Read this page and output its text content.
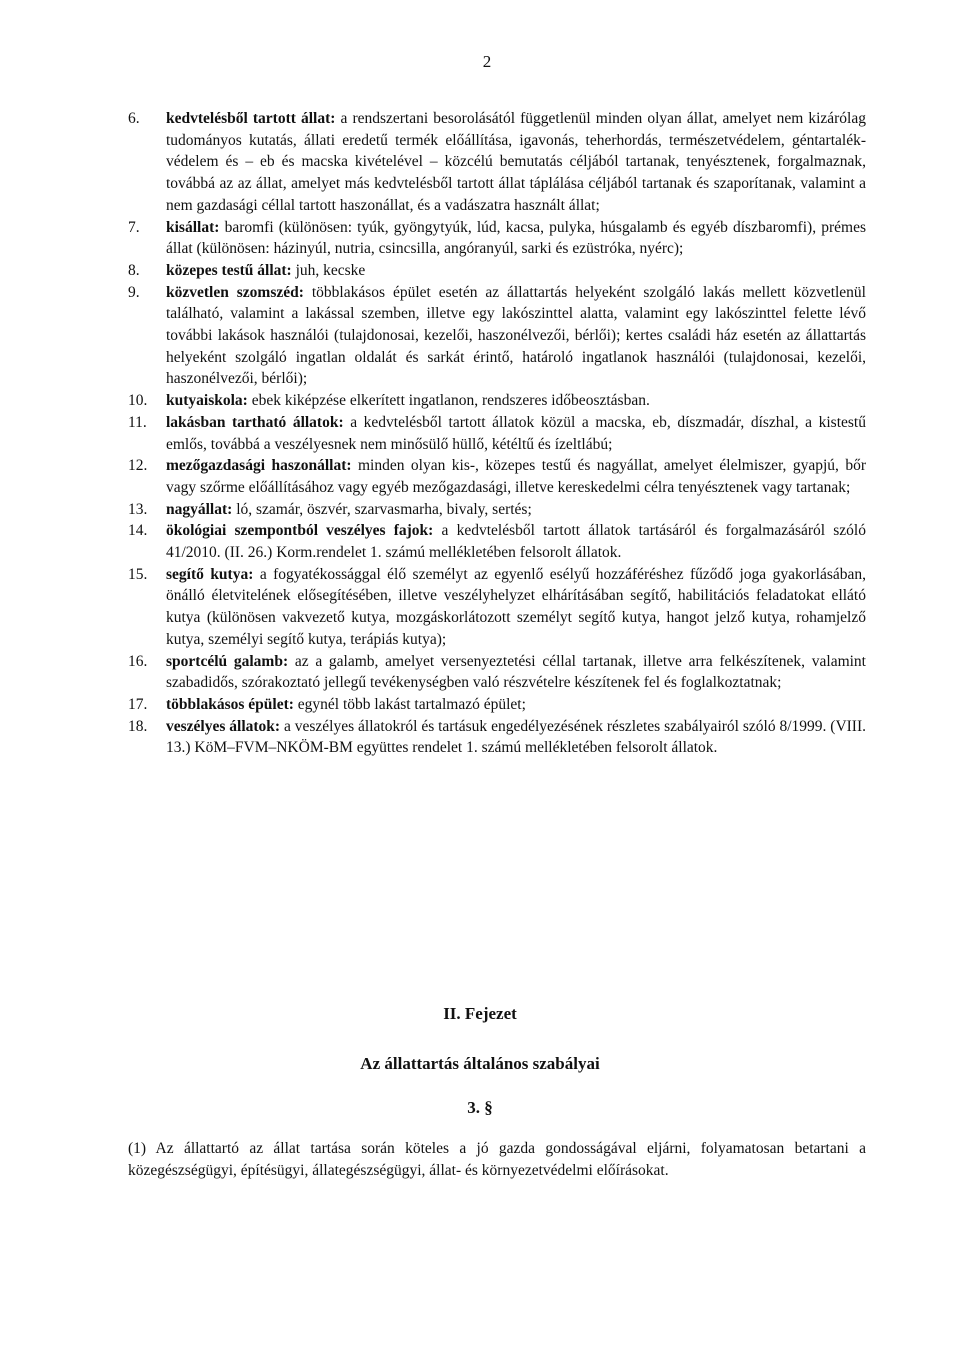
2
6.	kedvtelésből tartott állat: a rendszertani besorolásától függetlenül minden olyan állat, amelyet nem kizárólag tudományos kutatás, állati eredetű termék előállítása, igavonás, teherhordás, természetvédelem, géntartalék- védelem és – eb és macska kivételével – közcélú bemutatás céljából tartanak, tenyésztenek, forgalmaznak, továbbá az az állat, amelyet más kedvtelésből tartott állat táplálása céljából tartanak és szaporítanak, valamint a nem gazdasági céllal tartott haszonállat, és a vadászatra használt állat;
7.	kisállat: baromfi (különösen: tyúk, gyöngytyúk, lúd, kacsa, pulyka, húsgalamb és egyéb díszbaromfi), prémes állat (különösen: házinyúl, nutria, csincsilla, angóranyúl, sarki és ezüstróka, nyérc);
8.	közepes testű állat: juh, kecske
9.	közvetlen szomszéd: többlakásos épület esetén az állattartás helyeként szolgáló lakás mellett közvetlenül található, valamint a lakással szemben, illetve egy lakószinttel alatta, valamint egy lakószinttel felette lévő további lakások használói (tulajdonosai, kezelői, haszonélvezői, bérlői); kertes családi ház esetén az állattartás helyeként szolgáló ingatlan oldalát és sarkát érintő, határoló ingatlanok használói (tulajdonosai, kezelői, haszonélvezői, bérlői);
10.	kutyaiskola: ebek kiképzése elkerített ingatlanon, rendszeres időbeosztásban.
11.	lakásban tartható állatok: a kedvtelésből tartott állatok közül a macska, eb, díszmadár, díszhal, a kistestű emlős, továbbá a veszélyesnek nem minősülő hüllő, kétéltű és ízeltlábú;
12.	mezőgazdasági haszonállat: minden olyan kis-, közepes testű és nagyállat, amelyet élelmiszer, gyapjú, bőr vagy szőrme előállításához vagy egyéb mezőgazdasági, illetve kereskedelmi célra tenyésztenek vagy tartanak;
13.	nagyállat: ló, szamár, öszvér, szarvasmarha, bivaly, sertés;
14.	ökológiai szempontból veszélyes fajok: a kedvtelésből tartott állatok tartásáról és forgalmazásáról szóló 41/2010. (II. 26.) Korm.rendelet 1. számú mellékletében felsorolt állatok.
15.	segítő kutya: a fogyatékossággal élő személyt az egyenlő esélyű hozzáféréshez fűződő joga gyakorlásában, önálló életvitelének elősegítésében, illetve veszélyhelyzet elhárításában segítő, habilitációs feladatokat ellátó kutya (különösen vakvezető kutya, mozgáskorlátozott személyt segítő kutya, hangot jelző kutya, rohamjelző kutya, személyi segítő kutya, terápiás kutya);
16.	sportcélú galamb: az a galamb, amelyet versenyeztetési céllal tartanak, illetve arra felkészítenek, valamint szabadidős, szórakoztató jellegű tevékenységben való részvételre készítenek fel és foglalkoztatnak;
17.	többlakásos épület: egynél több lakást tartalmazó épület;
18.	veszélyes állatok: a veszélyes állatokról és tartásuk engedélyezésének részletes szabályairól szóló 8/1999. (VIII. 13.) KöM–FVM–NKÖM-BM együttes rendelet 1. számú mellékletében felsorolt állatok.
II. Fejezet
Az állattartás általános szabályai
3. §
(1) Az állattartó az állat tartása során köteles a jó gazda gondosságával eljárni, folyamatosan betartani a közegészségügyi, építésügyi, állategészségügyi, állat- és környezetvédelmi előírásokat.
